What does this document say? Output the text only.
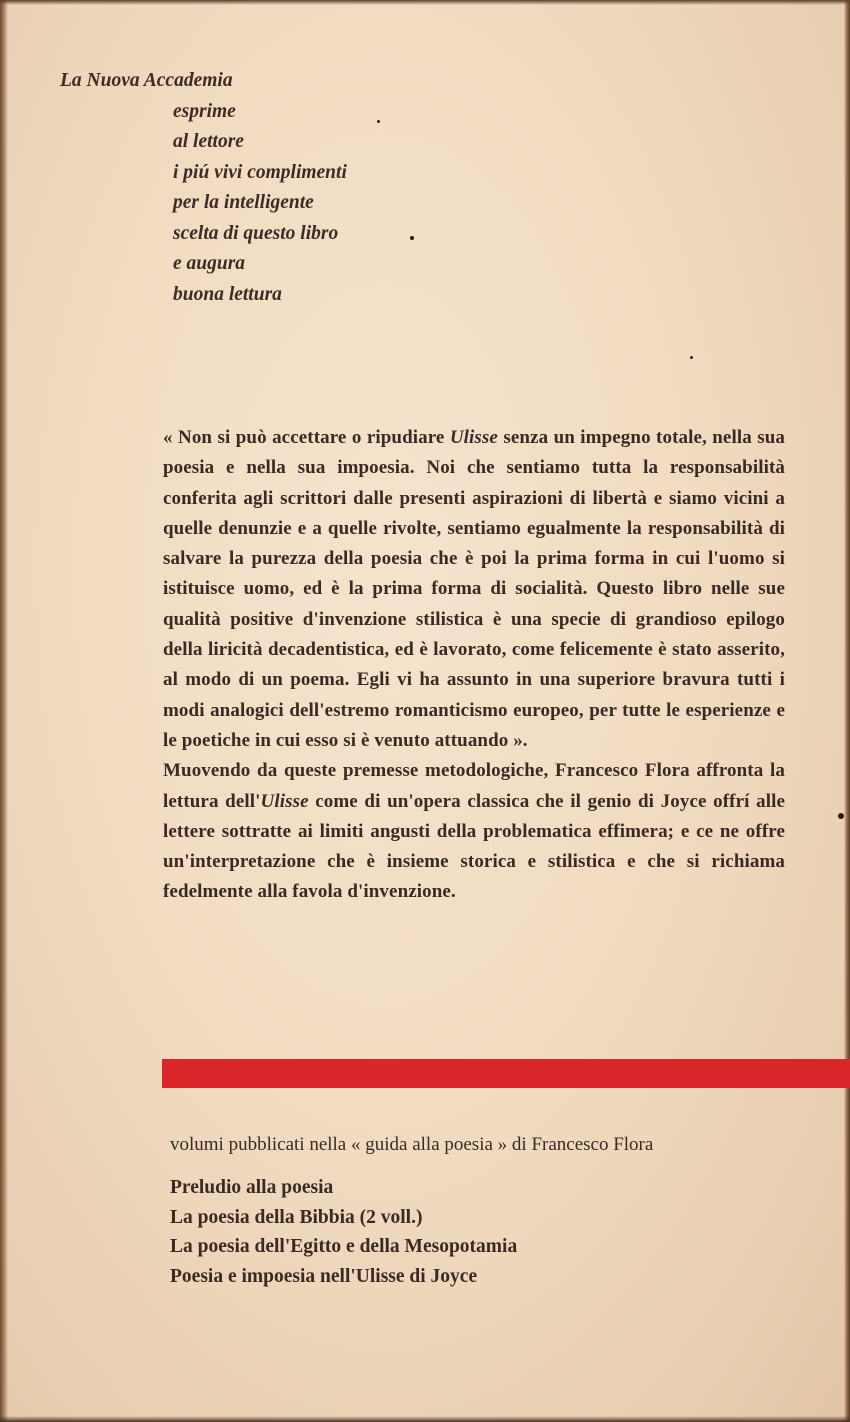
La Nuova Accademia
esprime
al lettore
i piú vivi complimenti
per la intelligente
scelta di questo libro
e augura
buona lettura

« Non si può accettare o ripudiare Ulisse senza un impegno totale, nella sua poesia e nella sua impoesia. Noi che sentiamo tutta la responsabilità conferita agli scrittori dalle presenti aspirazioni di libertà e siamo vicini a quelle denunzie e a quelle rivolte, sentiamo egualmente la responsabilità di salvare la purezza della poesia che è poi la prima forma in cui l'uomo si istituisce uomo, ed è la prima forma di socialità. Questo libro nelle sue qualità positive d'invenzione stilistica è una specie di grandioso epilogo della liricità decadentistica, ed è lavorato, come felicemente è stato asserito, al modo di un poema. Egli vi ha assunto in una superiore bravura tutti i modi analogici dell'estremo romanticismo europeo, per tutte le esperienze e le poetiche in cui esso si è venuto attuando ».

Muovendo da queste premesse metodologiche, Francesco Flora affronta la lettura dell'Ulisse come di un'opera classica che il genio di Joyce offrí alle lettere sottratte ai limiti angusti della problematica effimera; e ce ne offre un'interpretazione che è insieme storica e stilistica e che si richiama fedelmente alla favola d'invenzione.

volumi pubblicati nella « guida alla poesia » di Francesco Flora

Preludio alla poesia
La poesia della Bibbia (2 voll.)
La poesia dell'Egitto e della Mesopotamia
Poesia e impoesia nell'Ulisse di Joyce
